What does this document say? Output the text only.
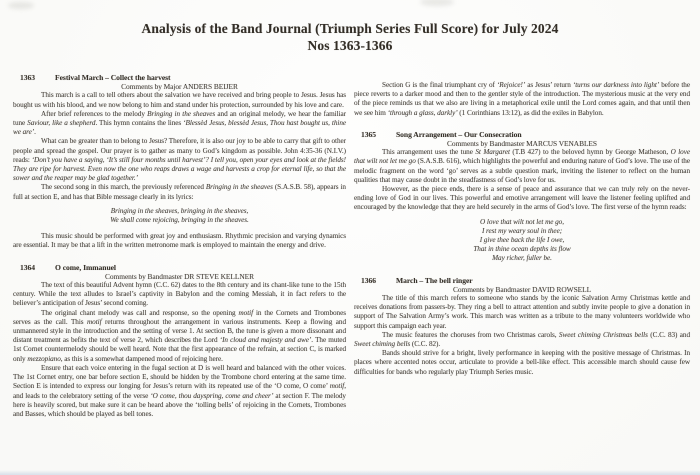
Analysis of the Band Journal (Triumph Series Full Score) for July 2024
Nos 1363-1366
1363	Festival March – Collect the harvest
Comments by Major ANDERS BEIJER

This march is a call to tell others about the salvation we have received and bring people to Jesus. Jesus has bought us with his blood, and we now belong to him and stand under his protection, surrounded by his love and care.

After brief references to the melody Bringing in the sheaves and an original melody, we hear the familiar tune Saviour, like a shepherd. This hymn contains the lines ‘Blessèd Jesus, blessèd Jesus, Thou hast bought us, thine we are’.

What can be greater than to belong to Jesus? Therefore, it is also our joy to be able to carry that gift to other people and spread the gospel. Our prayer is to gather as many to God’s kingdom as possible. John 4:35-36 (N.I.V.) reads: ‘Don’t you have a saying, ‘It’s still four months until harvest’? I tell you, open your eyes and look at the fields! They are ripe for harvest. Even now the one who reaps draws a wage and harvests a crop for eternal life, so that the sower and the reaper may be glad together.’

The second song in this march, the previously referenced Bringing in the sheaves (S.A.S.B. 58), appears in full at section E, and has that Bible message clearly in its lyrics:

Bringing in the sheaves, bringing in the sheaves,
We shall come rejoicing, bringing in the sheaves.

This music should be performed with great joy and enthusiasm. Rhythmic precision and varying dynamics are essential. It may be that a lift in the written metronome mark is employed to maintain the energy and drive.

1364	O come, Immanuel
Comments by Bandmaster DR STEVE KELLNER

The text of this beautiful Advent hymn (C.C. 62) dates to the 8th century and its chant-like tune to the 15th century. While the text alludes to Israel’s captivity in Babylon and the coming Messiah, it in fact refers to the believer’s anticipation of Jesus’ second coming.

The original chant melody was call and response, so the opening motif in the Cornets and Trombones serves as the call. This motif returns throughout the arrangement in various instruments. Keep a flowing and unmannered style in the introduction and the setting of verse 1. At section B, the tune is given a more dissonant and distant treatment as befits the text of verse 2, which describes the Lord ‘In cloud and majesty and awe’. The muted 1st Cornet countermelody should be well heard. Note that the first appearance of the refrain, at section C, is marked only mezzopiano, as this is a somewhat dampened mood of rejoicing here.

Ensure that each voice entering in the fugal section at D is well heard and balanced with the other voices. The 1st Cornet entry, one bar before section E, should be hidden by the Trombone chord entering at the same time. Section E is intended to express our longing for Jesus’s return with its repeated use of the ‘O come, O come’ motif, and leads to the celebratory setting of the verse ‘O come, thou dayspring, come and cheer’ at section F. The melody here is heavily scored, but make sure it can be heard above the ‘tolling bells’ of rejoicing in the Cornets, Trombones and Basses, which should be played as bell tones.

Section G is the final triumphant cry of ‘Rejoice!’ as Jesus’ return ‘turns our darkness into light’ before the piece reverts to a darker mood and then to the gentler style of the introduction. The mysterious music at the very end of the piece reminds us that we also are living in a metaphorical exile until the Lord comes again, and that until then we see him ‘through a glass, darkly’ (1 Corinthians 13:12), as did the exiles in Babylon.

1365	Song Arrangement – Our Consecration
Comments by Bandmaster MARCUS VENABLES

This arrangement uses the tune St Margaret (T.B 427) to the beloved hymn by George Matheson, O love that wilt not let me go (S.A.S.B. 616), which highlights the powerful and enduring nature of God’s love. The use of the melodic fragment on the word ‘go’ serves as a subtle question mark, inviting the listener to reflect on the human qualities that may cause doubt in the steadfastness of God’s love for us.

However, as the piece ends, there is a sense of peace and assurance that we can truly rely on the never-ending love of God in our lives. This powerful and emotive arrangement will leave the listener feeling uplifted and encouraged by the knowledge that they are held securely in the arms of God’s love. The first verse of the hymn reads:

O love that wilt not let me go,
I rest my weary soul in thee;
I give thee back the life I owe,
That in thine ocean depths its flow
May richer, fuller be.
1366	March – The bell ringer
Comments by Bandmaster DAVID ROWSELL

The title of this march refers to someone who stands by the iconic Salvation Army Christmas kettle and receives donations from passers-by. They ring a bell to attract attention and subtly invite people to give a donation in support of The Salvation Army’s work. This march was written as a tribute to the many volunteers worldwide who support this campaign each year.

The music features the choruses from two Christmas carols, Sweet chiming Christmas bells (C.C. 83) and Sweet chiming bells (C.C. 82).

Bands should strive for a bright, lively performance in keeping with the positive message of Christmas. In places where accented notes occur, articulate to provide a bell-like effect. This accessible march should cause few difficulties for bands who regularly play Triumph Series music.
